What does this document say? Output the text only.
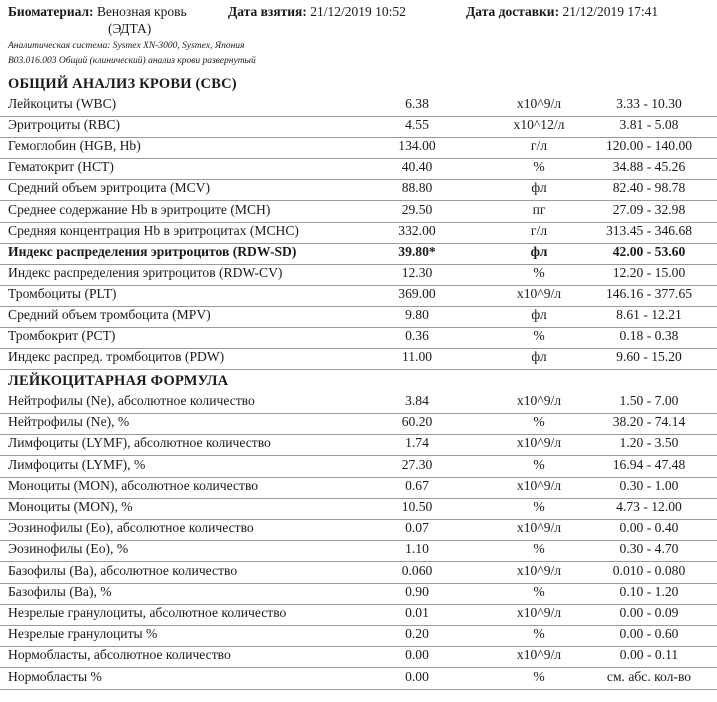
Биоматериал: Венозная кровь
(ЭДТА)
Дата взятия: 21/12/2019 10:52	Дата доставки: 21/12/2019 17:41
Аналитическая система: Sysmex XN-3000, Sysmex, Япония
B03.016.003 Общий (клинический) анализ крови развернутый
ОБЩИЙ АНАЛИЗ КРОВИ (CBC)
Лейкоциты (WBC)	6.38	x10^9/л	3.33 - 10.30
Эритроциты (RBC)	4.55	x10^12/л	3.81 - 5.08
Гемоглобин (HGB, Hb)	134.00	г/л	120.00 - 140.00
Гематокрит (HCT)	40.40	%	34.88 - 45.26
Средний объем эритроцита (MCV)	88.80	фл	82.40 - 98.78
Среднее содержание Hb в эритроците (MCH)	29.50	пг	27.09 - 32.98
Средняя концентрация Hb в эритроцитах (MCHC)	332.00	г/л	313.45 - 346.68
Индекс распределения эритроцитов (RDW-SD)	39.80*	фл	42.00 - 53.60
Индекс распределения эритроцитов (RDW-CV)	12.30	%	12.20 - 15.00
Тромбоциты (PLT)	369.00	x10^9/л	146.16 - 377.65
Средний объем тромбоцита (MPV)	9.80	фл	8.61 - 12.21
Тромбокрит (PCT)	0.36	%	0.18 - 0.38
Индекс распред. тромбоцитов (PDW)	11.00	фл	9.60 - 15.20
ЛЕЙКОЦИТАРНАЯ ФОРМУЛА
Нейтрофилы (Ne), абсолютное количество	3.84	x10^9/л	1.50 - 7.00
Нейтрофилы (Ne), %	60.20	%	38.20 - 74.14
Лимфоциты (LYMF), абсолютное количество	1.74	x10^9/л	1.20 - 3.50
Лимфоциты (LYMF), %	27.30	%	16.94 - 47.48
Моноциты (MON), абсолютное количество	0.67	x10^9/л	0.30 - 1.00
Моноциты (MON), %	10.50	%	4.73 - 12.00
Эозинофилы (Eo), абсолютное количество	0.07	x10^9/л	0.00 - 0.40
Эозинофилы (Eo), %	1.10	%	0.30 - 4.70
Базофилы (Ba), абсолютное количество	0.060	x10^9/л	0.010 - 0.080
Базофилы (Ba), %	0.90	%	0.10 - 1.20
Незрелые гранулоциты, абсолютное количество	0.01	x10^9/л	0.00 - 0.09
Незрелые гранулоциты %	0.20	%	0.00 - 0.60
Нормобласты, абсолютное количество	0.00	x10^9/л	0.00 - 0.11
Нормобласты %	0.00	%	см. абс. кол-во
